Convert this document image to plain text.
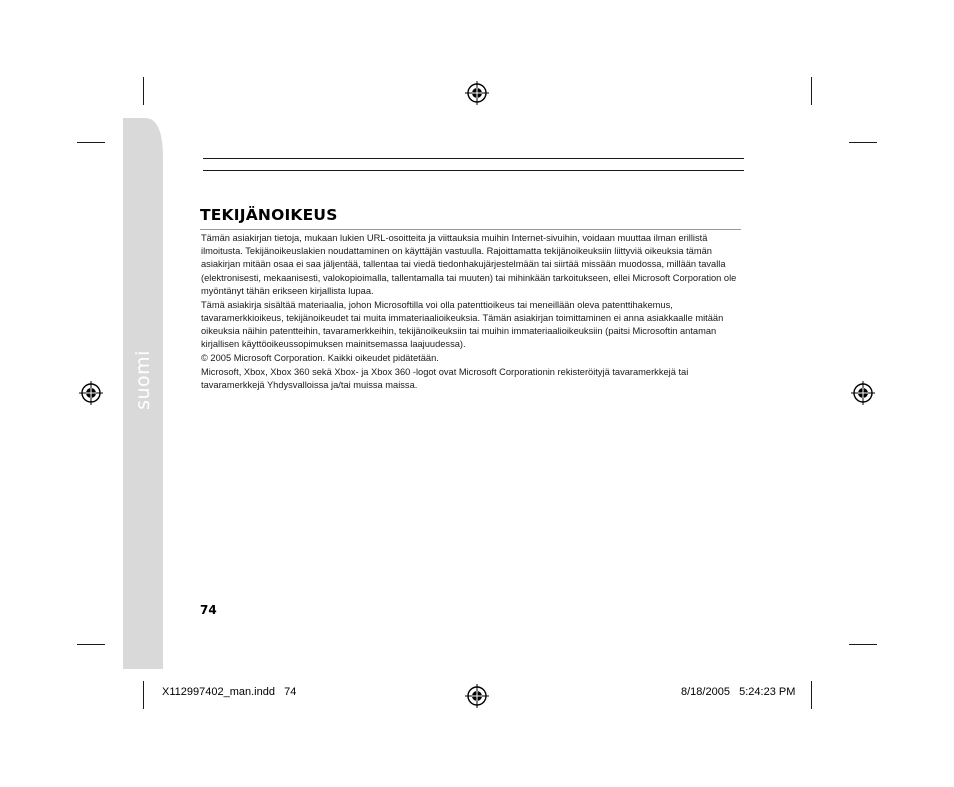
suomi
TEKIJÄNOIKEUS

Tämän asiakirjan tietoja, mukaan lukien URL-osoitteita ja viittauksia muihin Internet-sivuihin, voidaan muuttaa ilman erillistä ilmoitusta. Tekijänoikeuslakien noudattaminen on käyttäjän vastuulla. Rajoittamatta tekijänoikeuksiin liittyviä oikeuksia tämän asiakirjan mitään osaa ei saa jäljentää, tallentaa tai viedä tiedonhakujärjestelmään tai siirtää missään muodossa, millään tavalla (elektronisesti, mekaanisesti, valokopioimalla, tallentamalla tai muuten) tai mihinkään tarkoitukseen, ellei Microsoft Corporation ole myöntänyt tähän erikseen kirjallista lupaa.

Tämä asiakirja sisältää materiaalia, johon Microsoftilla voi olla patenttioikeus tai meneillään oleva patenttihakemus, tavaramerkkioikeus, tekijänoikeudet tai muita immateriaalioikeuksia. Tämän asiakirjan toimittaminen ei anna asiakkaalle mitään oikeuksia näihin patentteihin, tavaramerkkeihin, tekijänoikeuksiin tai muihin immateriaalioikeuksiin (paitsi Microsoftin antaman kirjallisen käyttöoikeussopimuksen mainitsemassa laajuudessa).

© 2005 Microsoft Corporation. Kaikki oikeudet pidätetään.

Microsoft, Xbox, Xbox 360 sekä Xbox- ja Xbox 360 -logot ovat Microsoft Corporationin rekisteröityjä tavaramerkkejä tai tavaramerkkejä Yhdysvalloissa ja/tai muissa maissa.

74
X112997402_man.indd   74	8/18/2005   5:24:23 PM
